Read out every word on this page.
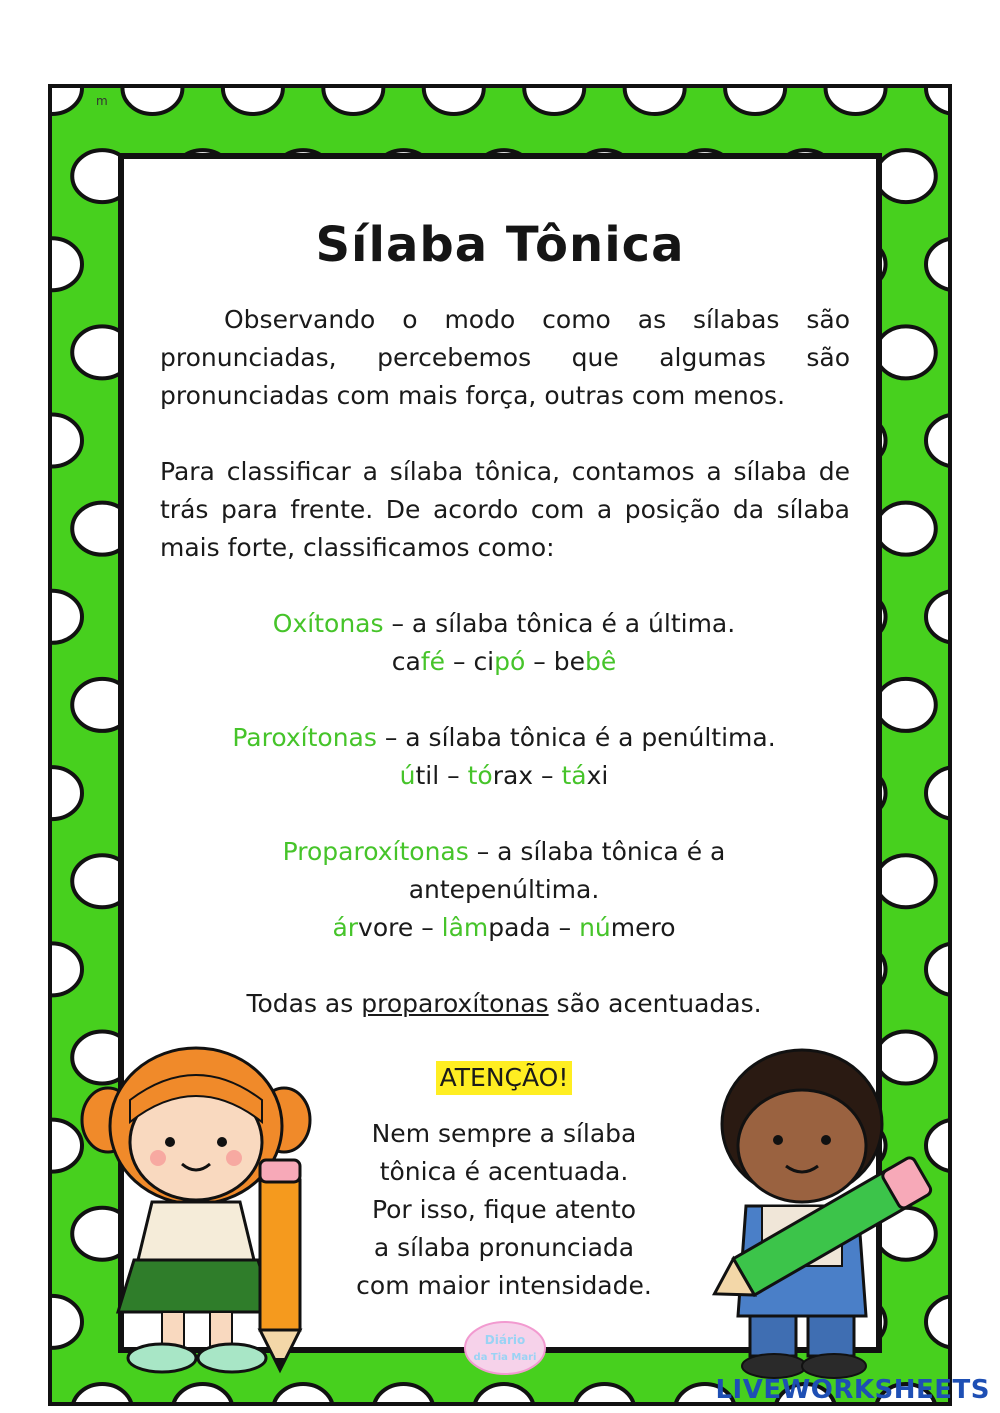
m
Sílaba Tônica

Observando o modo como as sílabas são pronunciadas, percebemos que algumas são pronunciadas com mais força, outras com menos.

Para classificar a sílaba tônica, contamos a sílaba de trás para frente. De acordo com a posição da sílaba mais forte, classificamos como:

Oxítonas – a sílaba tônica é a última.
café – cipó – bebê
Paroxítonas – a sílaba tônica é a penúltima.
útil – tórax – táxi
Proparoxítonas – a sílaba tônica é a antepenúltima.
árvore – lâmpada – número
Todas as proparoxítonas são acentuadas.
ATENÇÃO!
Nem sempre a sílaba
tônica é acentuada.
Por isso, fique atento
a sílaba pronunciada
com maior intensidade.
Diário
da Tia Mari
LIVEWORKSHEETS
